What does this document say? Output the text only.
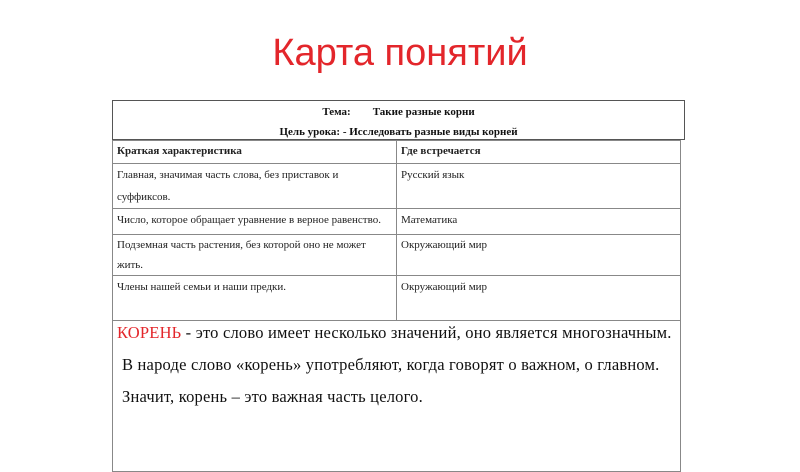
Карта понятий
Тема: Такие разные корни
Цель урока: - Исследовать разные виды корней
Краткая характеристика	Где встречается
Главная, значимая часть слова, без приставок и суффиксов.	Русский язык
Число, которое обращает уравнение в верное равенство.	Математика
Подземная часть растения, без которой оно не может жить.	Окружающий мир
Члены нашей семьи и наши предки.	Окружающий мир

КОРЕНЬ - это слово имеет несколько значений, оно является многозначным.

В народе слово «корень» употребляют, когда говорят о важном, о главном.

Значит, корень – это важная часть целого.	
